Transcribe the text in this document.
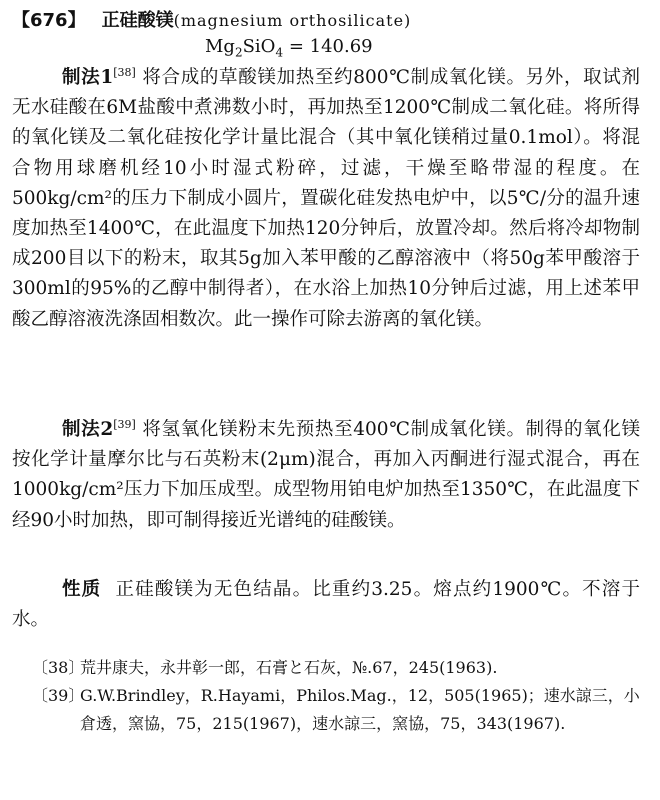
【676】 正硅酸镁(magnesium orthosilicate)
$Mg_2SiO_4 = 140.69$

制法1[38] 将合成的草酸镁加热至约800℃制成氧化镁。另外，取试剂无水硅酸在6M盐酸中煮沸数小时，再加热至1200℃制成二氧化硅。将所得的氧化镁及二氧化硅按化学计量比混合（其中氧化镁稍过量0.1mol）。将混合物用球磨机经10小时湿式粉碎，过滤，干燥至略带湿的程度。在500kg/cm²的压力下制成小圆片，置碳化硅发热电炉中，以5℃/分的温升速度加热至1400℃，在此温度下加热120分钟后，放置冷却。然后将冷却物制成200目以下的粉末，取其5g加入苯甲酸的乙醇溶液中（将50g苯甲酸溶于300ml的95%的乙醇中制得者），在水浴上加热10分钟后过滤，用上述苯甲酸乙醇溶液洗涤固相数次。此一操作可除去游离的氧化镁。

制法2[39] 将氢氧化镁粉末先预热至400℃制成氧化镁。制得的氧化镁按化学计量摩尔比与石英粉末(2μm)混合，再加入丙酮进行湿式混合，再在1000kg/cm²压力下加压成型。成型物用铂电炉加热至1350℃，在此温度下经90小时加热，即可制得接近光谱纯的硅酸镁。

性质 正硅酸镁为无色结晶。比重约3.25。熔点约1900℃。不溶于水。

〔38〕
荒井康夫，永井彰一郎，石膏と石灰，№.67，245(1963).
〔39〕
G.W.Brindley，R.Hayami，Philos.Mag.，12，505(1965)；速水諒三，小倉透，窯協，75，215(1967)，速水諒三，窯協，75，343(1967).
